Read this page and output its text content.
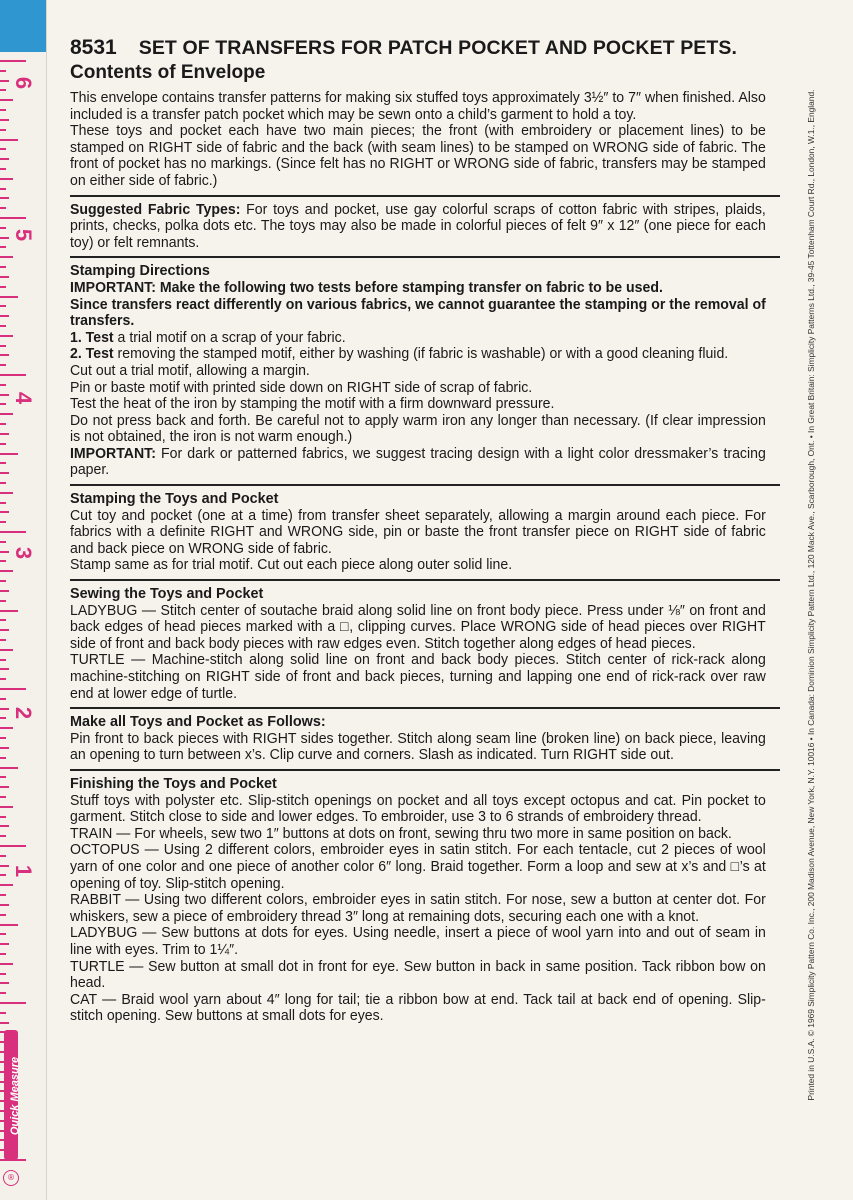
6
5
4
3
2
1
Quick Measure
®
8531 SET OF TRANSFERS FOR PATCH POCKET AND POCKET PETS.
Contents of Envelope

This envelope contains transfer patterns for making six stuffed toys approximately 3½″ to 7″ when finished. Also included is a transfer patch pocket which may be sewn onto a child’s garment to hold a toy.

These toys and pocket each have two main pieces; the front (with embroidery or placement lines) to be stamped on RIGHT side of fabric and the back (with seam lines) to be stamped on WRONG side of fabric. The front of pocket has no markings. (Since felt has no RIGHT or WRONG side of fabric, transfers may be stamped on either side of fabric.)

Suggested Fabric Types: For toys and pocket, use gay colorful scraps of cotton fabric with stripes, plaids, prints, checks, polka dots etc. The toys may also be made in colorful pieces of felt 9″ x 12″ (one piece for each toy) or felt remnants.

Stamping Directions

IMPORTANT: Make the following two tests before stamping transfer on fabric to be used.

Since transfers react differently on various fabrics, we cannot guarantee the stamping or the removal of transfers.

1. Test a trial motif on a scrap of your fabric.

2. Test removing the stamped motif, either by washing (if fabric is washable) or with a good cleaning fluid.

Cut out a trial motif, allowing a margin.

Pin or baste motif with printed side down on RIGHT side of scrap of fabric.

Test the heat of the iron by stamping the motif with a firm downward pressure.

Do not press back and forth. Be careful not to apply warm iron any longer than necessary. (If clear impression is not obtained, the iron is not warm enough.)

IMPORTANT: For dark or patterned fabrics, we suggest tracing design with a light color dressmaker’s tracing paper.

Stamping the Toys and Pocket

Cut toy and pocket (one at a time) from transfer sheet separately, allowing a margin around each piece. For fabrics with a definite RIGHT and WRONG side, pin or baste the front transfer piece on RIGHT side of fabric and back piece on WRONG side of fabric.

Stamp same as for trial motif. Cut out each piece along outer solid line.

Sewing the Toys and Pocket

LADYBUG — Stitch center of soutache braid along solid line on front body piece. Press under ⅛″ on front and back edges of head pieces marked with a □, clipping curves. Place WRONG side of head pieces over RIGHT side of front and back body pieces with raw edges even. Stitch together along edges of head pieces.

TURTLE — Machine-stitch along solid line on front and back body pieces. Stitch center of rick-rack along machine-stitching on RIGHT side of front and back pieces, turning and lapping one end of rick-rack over raw end at lower edge of turtle.

Make all Toys and Pocket as Follows:

Pin front to back pieces with RIGHT sides together. Stitch along seam line (broken line) on back piece, leaving an opening to turn between x’s. Clip curve and corners. Slash as indicated. Turn RIGHT side out.

Finishing the Toys and Pocket

Stuff toys with polyster etc. Slip-stitch openings on pocket and all toys except octopus and cat. Pin pocket to garment. Stitch close to side and lower edges. To embroider, use 3 to 6 strands of embroidery thread.

TRAIN — For wheels, sew two 1″ buttons at dots on front, sewing thru two more in same position on back.

OCTOPUS — Using 2 different colors, embroider eyes in satin stitch. For each tentacle, cut 2 pieces of wool yarn of one color and one piece of another color 6″ long. Braid together. Form a loop and sew at x’s and □’s at opening of toy. Slip-stitch opening.

RABBIT — Using two different colors, embroider eyes in satin stitch. For nose, sew a button at center dot. For whiskers, sew a piece of embroidery thread 3″ long at remaining dots, securing each one with a knot.

LADYBUG — Sew buttons at dots for eyes. Using needle, insert a piece of wool yarn into and out of seam in line with eyes. Trim to 1¼″.

TURTLE — Sew button at small dot in front for eye. Sew button in back in same position. Tack ribbon bow on head.

CAT — Braid wool yarn about 4″ long for tail; tie a ribbon bow at end. Tack tail at back end of opening. Slip-stitch opening. Sew buttons at small dots for eyes.	Printed in U.S.A. © 1969 Simplicity Pattern Co. Inc., 200 Madison Avenue, New York, N.Y. 10016 • In Canada: Dominion Simplicity Pattern Ltd., 120 Mack Ave., Scarborough, Ont. • In Great Britain: Simplicity Patterns Ltd., 39-45 Tottenham Court Rd., London, W.1., England.
